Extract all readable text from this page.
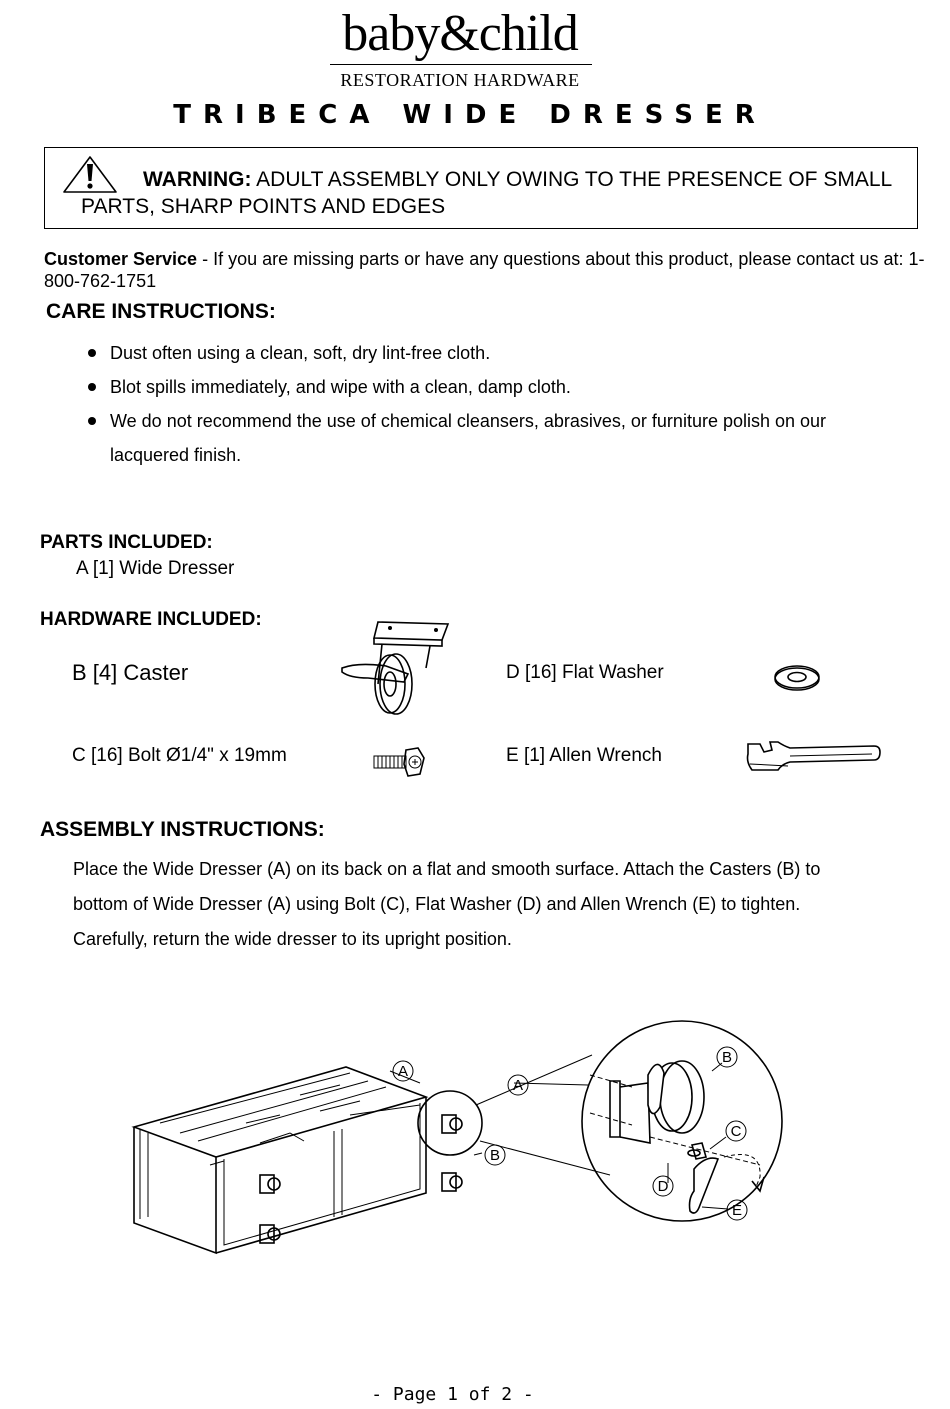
baby&child
RESTORATION HARDWARE
TRIBECA WIDE DRESSER
WARNING: ADULT ASSEMBLY ONLY OWING TO THE PRESENCE OF SMALL
PARTS, SHARP POINTS AND EDGES
Customer Service - If you are missing parts or have any questions about this product, please contact us at: 1-800-762-1751
CARE INSTRUCTIONS:
Dust often using a clean, soft, dry lint-free cloth.
Blot spills immediately, and wipe with a clean, damp cloth.
We do not recommend the use of chemical cleansers, abrasives, or furniture polish on our lacquered finish.
PARTS INCLUDED:
A [1] Wide Dresser
HARDWARE INCLUDED:
B [4] Caster
C [16] Bolt Ø1/4" x 19mm
D [16] Flat Washer
E [1] Allen Wrench
ASSEMBLY INSTRUCTIONS:
Place the Wide Dresser (A) on its back on a flat and smooth surface. Attach the Casters (B) to
bottom of Wide Dresser (A) using Bolt (C), Flat Washer (D) and Allen Wrench (E) to tighten.
Carefully, return the wide dresser to its upright position.
A
B
A
B
C
D
E
- Page 1 of 2 -
